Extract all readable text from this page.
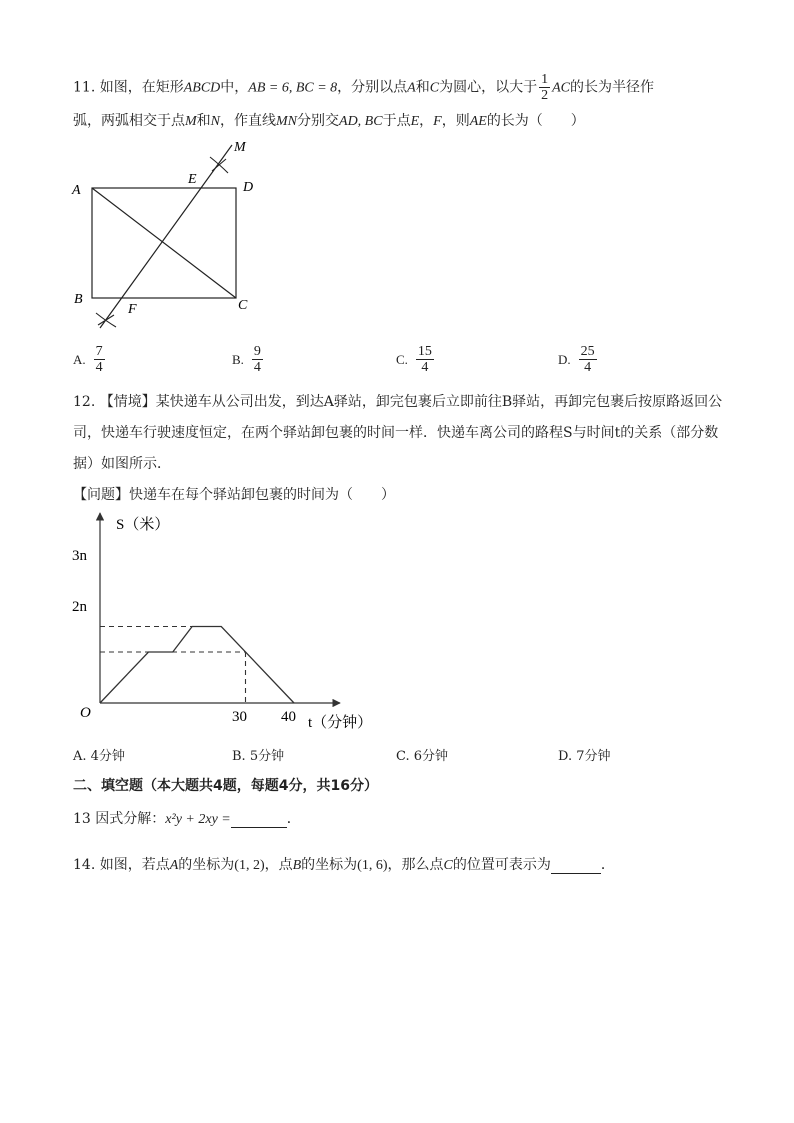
11. 如图，在矩形ABCD中，AB = 6, BC = 8，分别以点A和C为圆心，以大于 $\frac{1}{2}$ AC的长为半径作
弧，两弧相交于点M和N，作直线MN分别交AD, BC于点E，F，则AE的长为（　　）
M
E
D
A
B
F	C
A. $\frac{7}{4}$	B. $\frac{9}{4}$	C. $\frac{15}{4}$	D. $\frac{25}{4}$
12. 【情境】某快递车从公司出发，到达A驿站，卸完包裹后立即前往B驿站，再卸完包裹后按原路返回公
司，快递车行驶速度恒定，在两个驿站卸包裹的时间一样．快递车离公司的路程S与时间t的关系（部分数
据）如图所示．
【问题】快递车在每个驿站卸包裹的时间为（　　）
S（米）
t（分钟）
O
2n
3n
30 40
A. 4分钟	B. 5分钟	C. 6分钟	D. 7分钟
二、填空题（本大题共4题，每题4分，共16分）
13 因式分解：x²y + 2xy =	．
14. 如图，若点A的坐标为(1, 2)，点B的坐标为(1, 6)，那么点C的位置可表示为	．
